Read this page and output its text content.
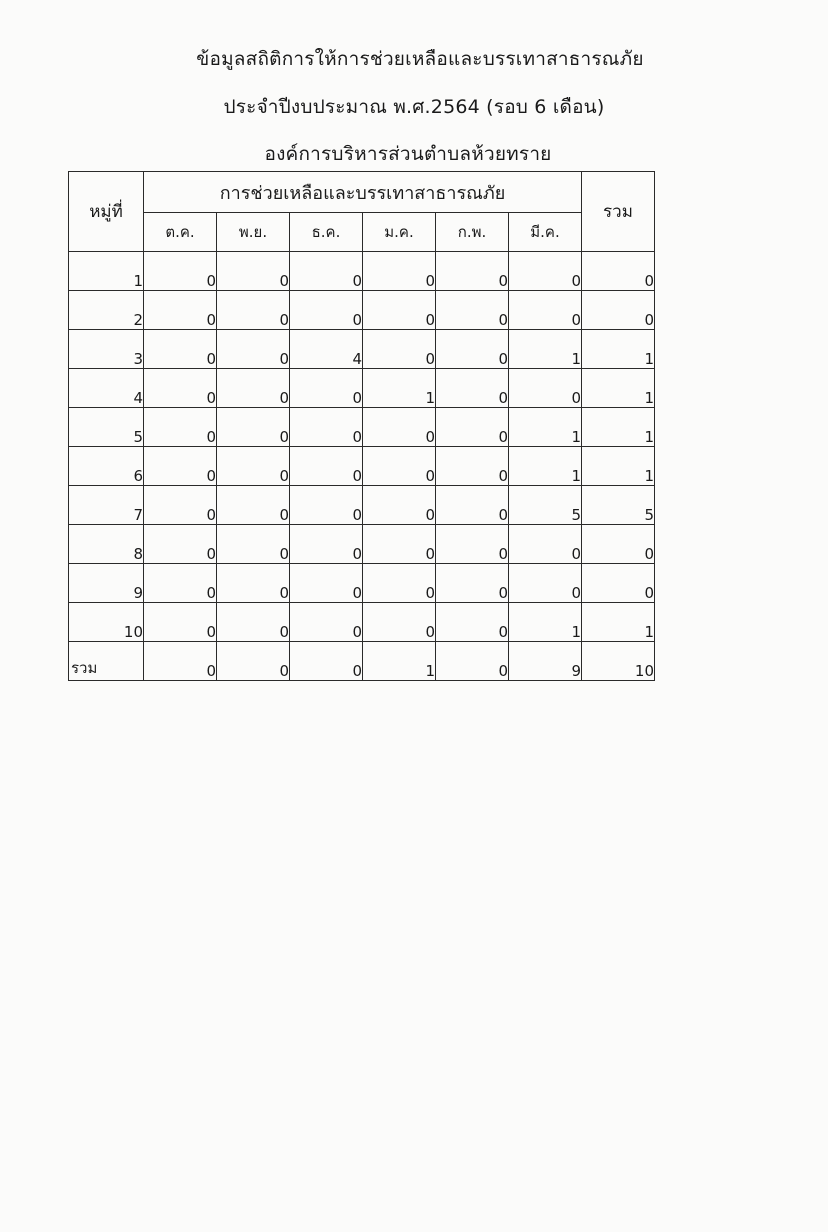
ข้อมูลสถิติการให้การช่วยเหลือและบรรเทาสาธารณภัย
ประจำปีงบประมาณ พ.ศ.2564 (รอบ 6 เดือน)
องค์การบริหารส่วนตำบลห้วยทราย
หมู่ที่	การช่วยเหลือและบรรเทาสาธารณภัย						รวม
	ต.ค.	พ.ย.	ธ.ค.	ม.ค.	ก.พ.	มี.ค.	
1	0	0	0	0	0	0	0
2	0	0	0	0	0	0	0
3	0	0	4	0	0	1	1
4	0	0	0	1	0	0	1
5	0	0	0	0	0	1	1
6	0	0	0	0	0	1	1
7	0	0	0	0	0	5	5
8	0	0	0	0	0	0	0
9	0	0	0	0	0	0	0
10	0	0	0	0	0	1	1
รวม	0	0	0	1	0	9	10
